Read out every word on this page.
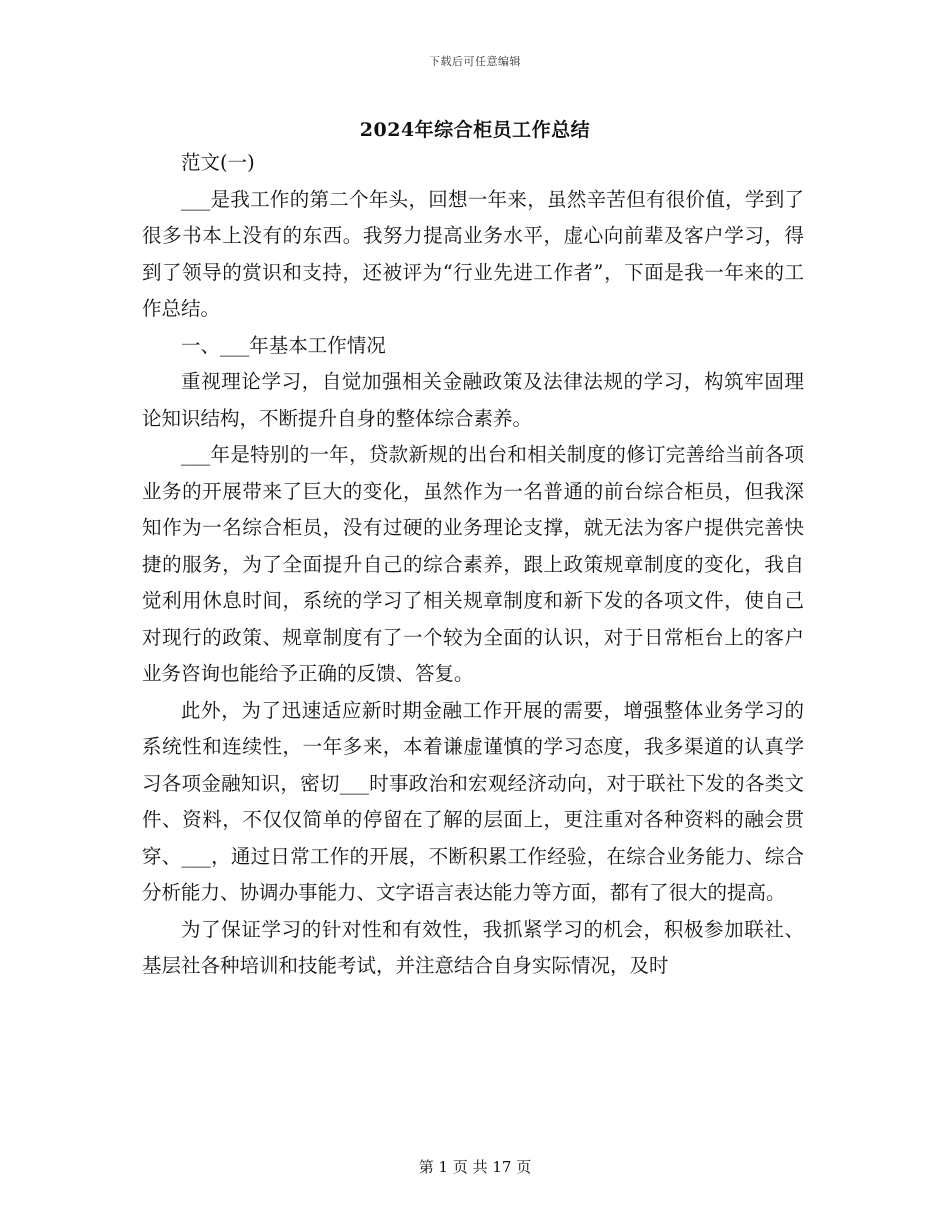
下载后可任意编辑
2024年综合柜员工作总结

范文(一)

___是我工作的第二个年头，回想一年来，虽然辛苦但有很价值，学到了很多书本上没有的东西。我努力提高业务水平，虚心向前辈及客户学习，得到了领导的赏识和支持，还被评为“行业先进工作者”，下面是我一年来的工作总结。

一、___年基本工作情况

重视理论学习，自觉加强相关金融政策及法律法规的学习，构筑牢固理论知识结构，不断提升自身的整体综合素养。

___年是特别的一年，贷款新规的出台和相关制度的修订完善给当前各项业务的开展带来了巨大的变化，虽然作为一名普通的前台综合柜员，但我深知作为一名综合柜员，没有过硬的业务理论支撑，就无法为客户提供完善快捷的服务，为了全面提升自己的综合素养，跟上政策规章制度的变化，我自觉利用休息时间，系统的学习了相关规章制度和新下发的各项文件，使自己对现行的政策、规章制度有了一个较为全面的认识，对于日常柜台上的客户业务咨询也能给予正确的反馈、答复。

此外，为了迅速适应新时期金融工作开展的需要，增强整体业务学习的系统性和连续性，一年多来，本着谦虚谨慎的学习态度，我多渠道的认真学习各项金融知识，密切___时事政治和宏观经济动向，对于联社下发的各类文件、资料，不仅仅简单的停留在了解的层面上，更注重对各种资料的融会贯穿、___，通过日常工作的开展，不断积累工作经验，在综合业务能力、综合分析能力、协调办事能力、文字语言表达能力等方面，都有了很大的提高。

为了保证学习的针对性和有效性，我抓紧学习的机会，积极参加联社、基层社各种培训和技能考试，并注意结合自身实际情况，及时

第 1 页 共 17 页
